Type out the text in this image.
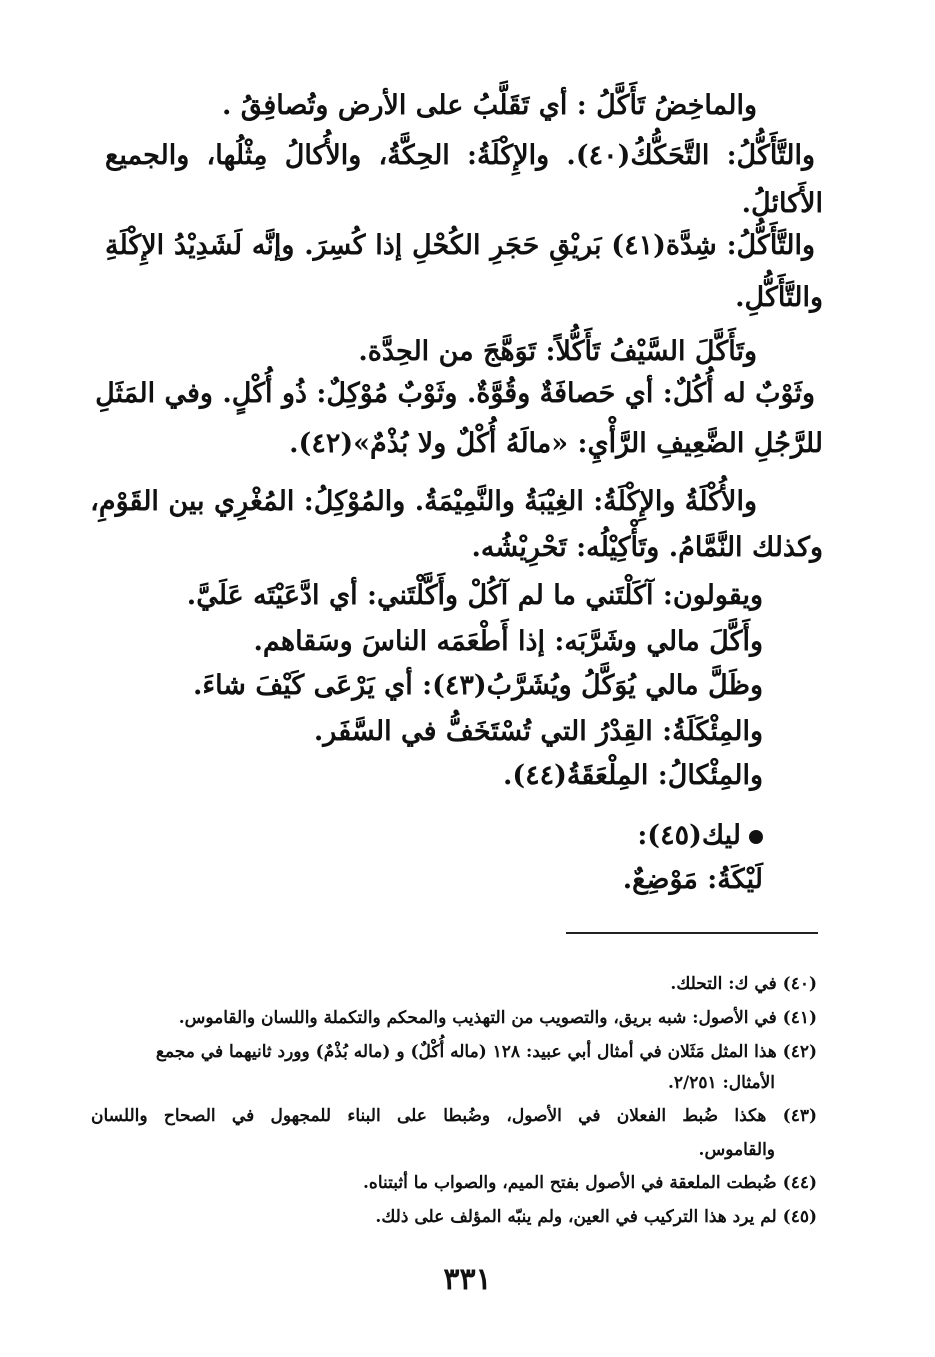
والماخِضُ تَأَكَّلُ : أي تَقَلَّبُ على الأرض وتُصافِقُ .
والتَّأَكُّلُ: التَّحَكُّكُ(٤٠). والإِكْلَةُ: الحِكَّةُ، والأُكالُ مِثْلُها، والجميع
الأَكائلُ.
والتَّأَكُّلُ: شِدَّة(٤١) بَريْقِ حَجَرِ الكُحْلِ إذا كُسِرَ. وإنَّه لَشَدِيْدُ الإِكْلَةِ
والتَّأَكُّلِ.
وتَأَكَّلَ السَّيْفُ تَأَكُّلاً: تَوَهَّجَ من الحِدَّة.
وثَوْبٌ له أُكُلٌ: أي حَصافَةٌ وقُوَّةٌ. وثَوْبٌ مُوْكِلٌ: ذُو أُكْلٍ. وفي المَثَلِ
للرَّجُلِ الضَّعِيفِ الرَّأْيِ: «مالَهُ أُكْلٌ ولا بُذْمٌ»(٤٢).
والأُكْلَةُ والإِكْلَةُ: الغِيْبَةُ والنَّمِيْمَةُ. والمُوْكِلُ: المُغْرِي بين القَوْمِ،
وكذلك النَّمَّامُ. وتَأْكِيْلُه: تَحْرِيْشُه.
ويقولون: آكَلْتَني ما لم آكُلْ وأَكَّلْتَني: أي ادَّعَيْتَه عَلَيَّ.
وأَكَّلَ مالي وشَرَّبَه: إذا أَطْعَمَه الناسَ وسَقاهم.
وظَلَّ مالي يُوَكَّلُ ويُشَرَّبُ(٤٣): أي يَرْعَى كَيْفَ شاءَ.
والمِئْكَلَةُ: القِدْرُ التي تُسْتَخَفُّ في السَّفَر.
والمِئْكالُ: المِلْعَقَةُ(٤٤).
ليك(٤٥):
لَيْكَةُ: مَوْضِعٌ.
(٤٠) في ك: التحلك.
(٤١) في الأصول: شبه بريق، والتصويب من التهذيب والمحكم والتكملة واللسان والقاموس.
(٤٢) هذا المثل مَثَلان في أمثال أبي عبيد: ١٢٨ (ماله أُكْلٌ) و (ماله بُذْمٌ) وورد ثانيهما في مجمع
الأمثال: ٢/٢٥١.
(٤٣) هكذا ضُبط الفعلان في الأصول، وضُبطا على البناء للمجهول في الصحاح واللسان
والقاموس.
(٤٤) ضُبطت الملعقة في الأصول بفتح الميم، والصواب ما أثبتناه.
(٤٥) لم يرد هذا التركيب في العين، ولم ينبّه المؤلف على ذلك.
٣٣١
